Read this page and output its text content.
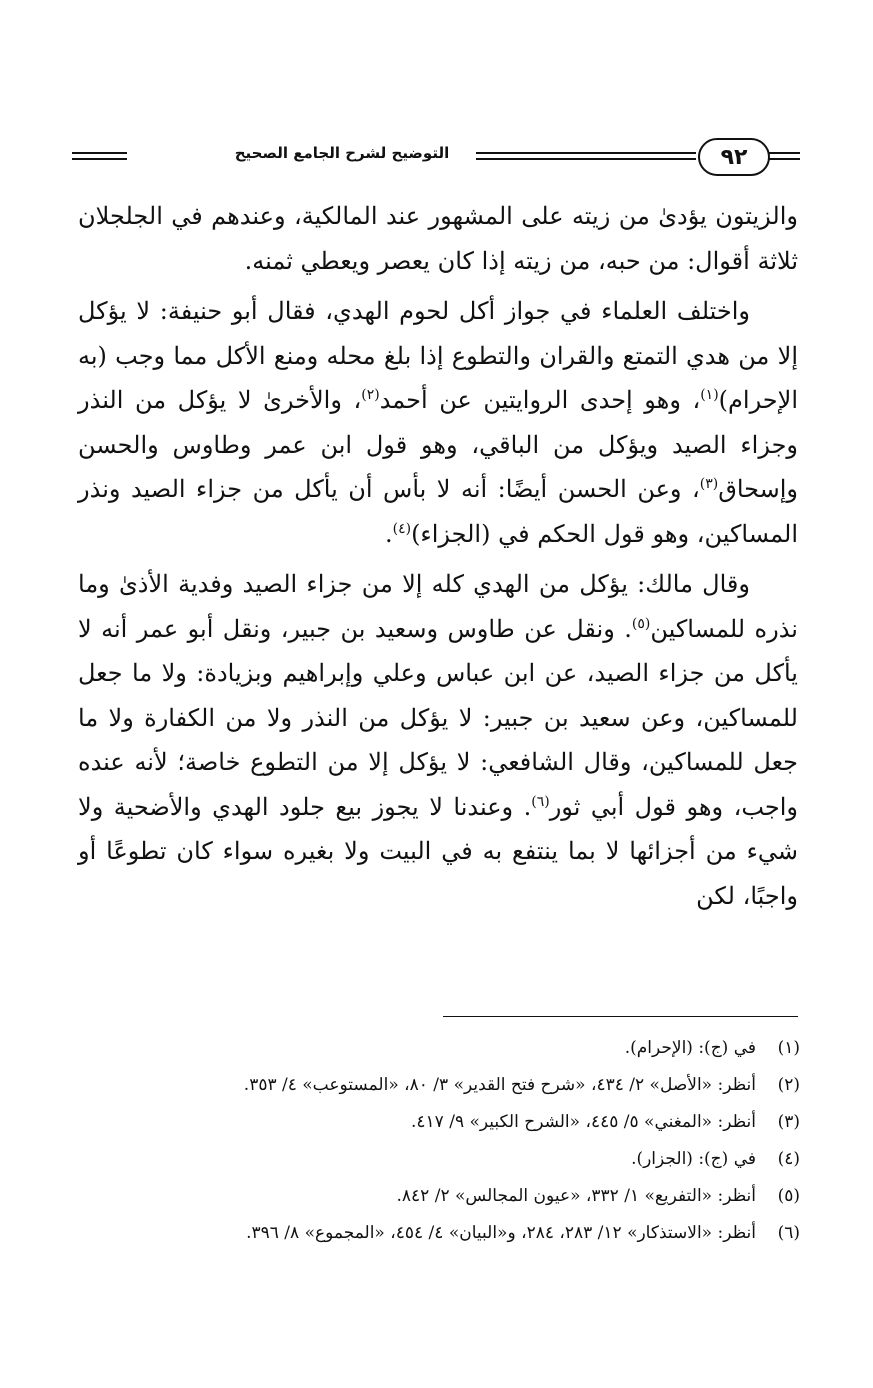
٩٢
التوضيح لشرح الجامع الصحيح

والزيتون يؤدىٰ من زيته على المشهور عند المالكية، وعندهم في الجلجلان ثلاثة أقوال: من حبه، من زيته إذا كان يعصر ويعطي ثمنه.

واختلف العلماء في جواز أكل لحوم الهدي، فقال أبو حنيفة: لا يؤكل إلا من هدي التمتع والقران والتطوع إذا بلغ محله ومنع الأكل مما وجب (به الإحرام)$^{(١)}$، وهو إحدى الروايتين عن أحمد$^{(٢)}$، والأخرىٰ لا يؤكل من النذر وجزاء الصيد ويؤكل من الباقي، وهو قول ابن عمر وطاوس والحسن وإسحاق$^{(٣)}$، وعن الحسن أيضًا: أنه لا بأس أن يأكل من جزاء الصيد ونذر المساكين، وهو قول الحكم في (الجزاء)$^{(٤)}$.

وقال مالك: يؤكل من الهدي كله إلا من جزاء الصيد وفدية الأذىٰ وما نذره للمساكين$^{(٥)}$. ونقل عن طاوس وسعيد بن جبير، ونقل أبو عمر أنه لا يأكل من جزاء الصيد، عن ابن عباس وعلي وإبراهيم وبزيادة: ولا ما جعل للمساكين، وعن سعيد بن جبير: لا يؤكل من النذر ولا من الكفارة ولا ما جعل للمساكين، وقال الشافعي: لا يؤكل إلا من التطوع خاصة؛ لأنه عنده واجب، وهو قول أبي ثور$^{(٦)}$. وعندنا لا يجوز بيع جلود الهدي والأضحية ولا شيء من أجزائها لا بما ينتفع به في البيت ولا بغيره سواء كان تطوعًا أو واجبًا، لكن

(١)
في (ج): (الإحرام).
(٢)
أنظر: «الأصل» ٢/ ٤٣٤، «شرح فتح القدير» ٣/ ٨٠، «المستوعب» ٤/ ٣٥٣.
(٣)
أنظر: «المغني» ٥/ ٤٤٥، «الشرح الكبير» ٩/ ٤١٧.
(٤)
في (ج): (الجزار).
(٥)
أنظر: «التفريع» ١/ ٣٣٢، «عيون المجالس» ٢/ ٨٤٢.
(٦)
أنظر: «الاستذكار» ١٢/ ٢٨٣، ٢٨٤، و«البيان» ٤/ ٤٥٤، «المجموع» ٨/ ٣٩٦.
